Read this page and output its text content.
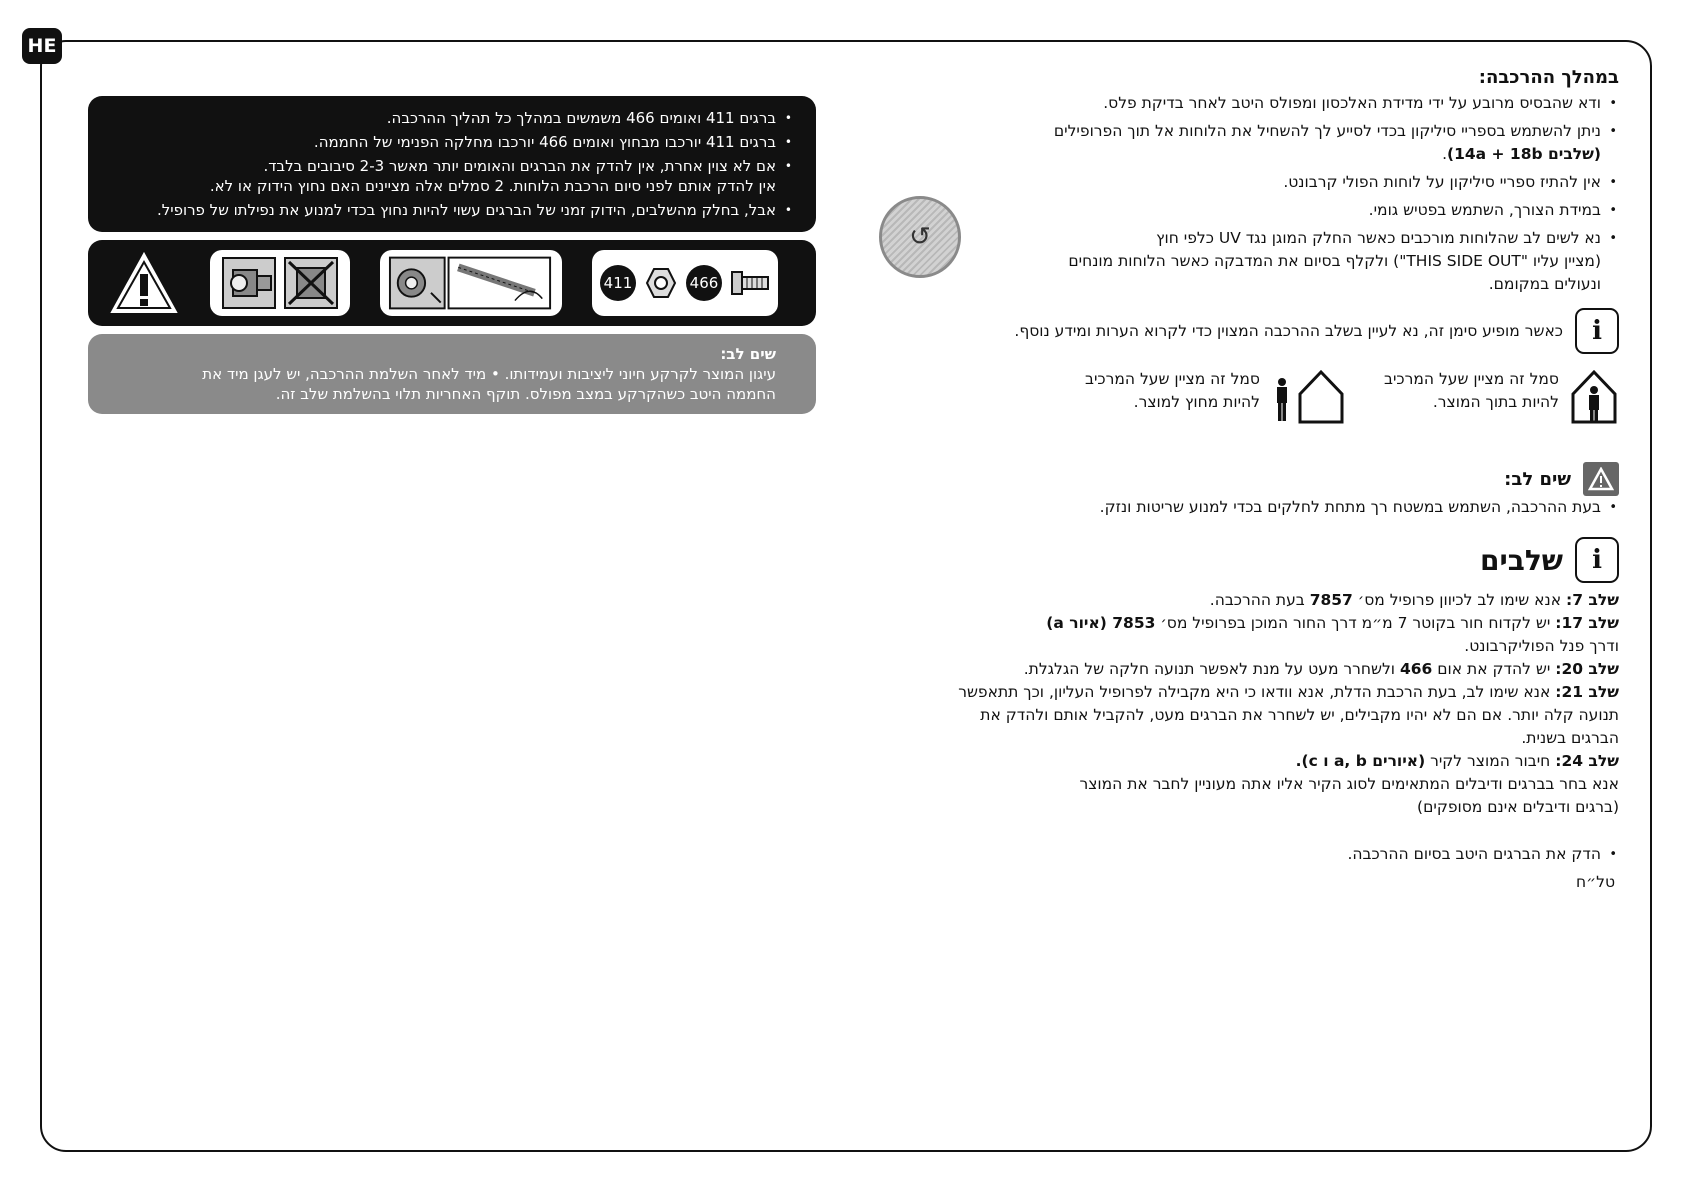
HE
במהלך ההרכבה:
• ודא שהבסיס מרובע על ידי מדידת האלכסון ומפולס היטב לאחר בדיקת פלס.
• ניתן להשתמש בספריי סיליקון בכדי לסייע לך להשחיל את הלוחות אל תוך הפרופילים
(שלבים 14a + 18b).
• אין להתיז ספריי סיליקון על לוחות הפולי קרבונט.
• במידת הצורך, השתמש בפטיש גומי.
• נא לשים לב שהלוחות מורכבים כאשר החלק המוגן נגד UV כלפי חוץ
(מציין עליו "THIS SIDE OUT") ולקלף בסיום את המדבקה כאשר הלוחות מונחים
ונעולים במקומם.
↺
i
כאשר מופיע סימן זה, נא לעיין בשלב ההרכבה המצוין כדי לקרוא הערות ומידע נוסף.
סמל זה מציין שעל המרכיב
להיות בתוך המוצר.
סמל זה מציין שעל המרכיב
להיות מחוץ למוצר.
שים לב:
• בעת ההרכבה, השתמש במשטח רך מתחת לחלקים בכדי למנוע שריטות ונזק.
i
שלבים

שלב 7: אנא שימו לב לכיוון פרופיל מס׳ 7857 בעת ההרכבה.

שלב 17: יש לקדוח חור בקוטר 7 מ״מ דרך החור המוכן בפרופיל מס׳ 7853 (איור a)

ודרך פנל הפוליקרבונט.

שלב 20: יש להדק את אום 466 ולשחרר מעט על מנת לאפשר תנועה חלקה של הגלגלת.

שלב 21: אנא שימו לב, בעת הרכבת הדלת, אנא וודאו כי היא מקבילה לפרופיל העליון, וכך תתאפשר

תנועה קלה יותר. אם הם לא יהיו מקבילים, יש לשחרר את הברגים מעט, להקביל אותם ולהדק את

הברגים בשנית.

שלב 24: חיבור המוצר לקיר (איורים a, b ו c).

אנא בחר בברגים ודיבלים המתאימים לסוג הקיר אליו אתה מעוניין לחבר את המוצר

(ברגים ודיבלים אינם מסופקים)

• הדק את הברגים היטב בסיום ההרכבה.
טל״ח
• ברגים 411 ואומים 466 משמשים במהלך כל תהליך ההרכבה.
• ברגים 411 יורכבו מבחוץ ואומים 466 יורכבו מחלקה הפנימי של החממה.
• אם לא צוין אחרת, אין להדק את הברגים והאומים יותר מאשר 2-3 סיבובים בלבד.
אין להדק אותם לפני סיום הרכבת הלוחות. 2 סמלים אלה מציינים האם נחוץ הידוק או לא.
• אבל, בחלק מהשלבים, הידוק זמני של הברגים עשוי להיות נחוץ בכדי למנוע את נפילתו של פרופיל.
411	466
שים לב:
עיגון המוצר לקרקע חיוני ליציבות ועמידותו. • מיד לאחר השלמת ההרכבה, יש לעגן מיד את
החממה היטב כשהקרקע במצב מפולס. תוקף האחריות תלוי בהשלמת שלב זה.
